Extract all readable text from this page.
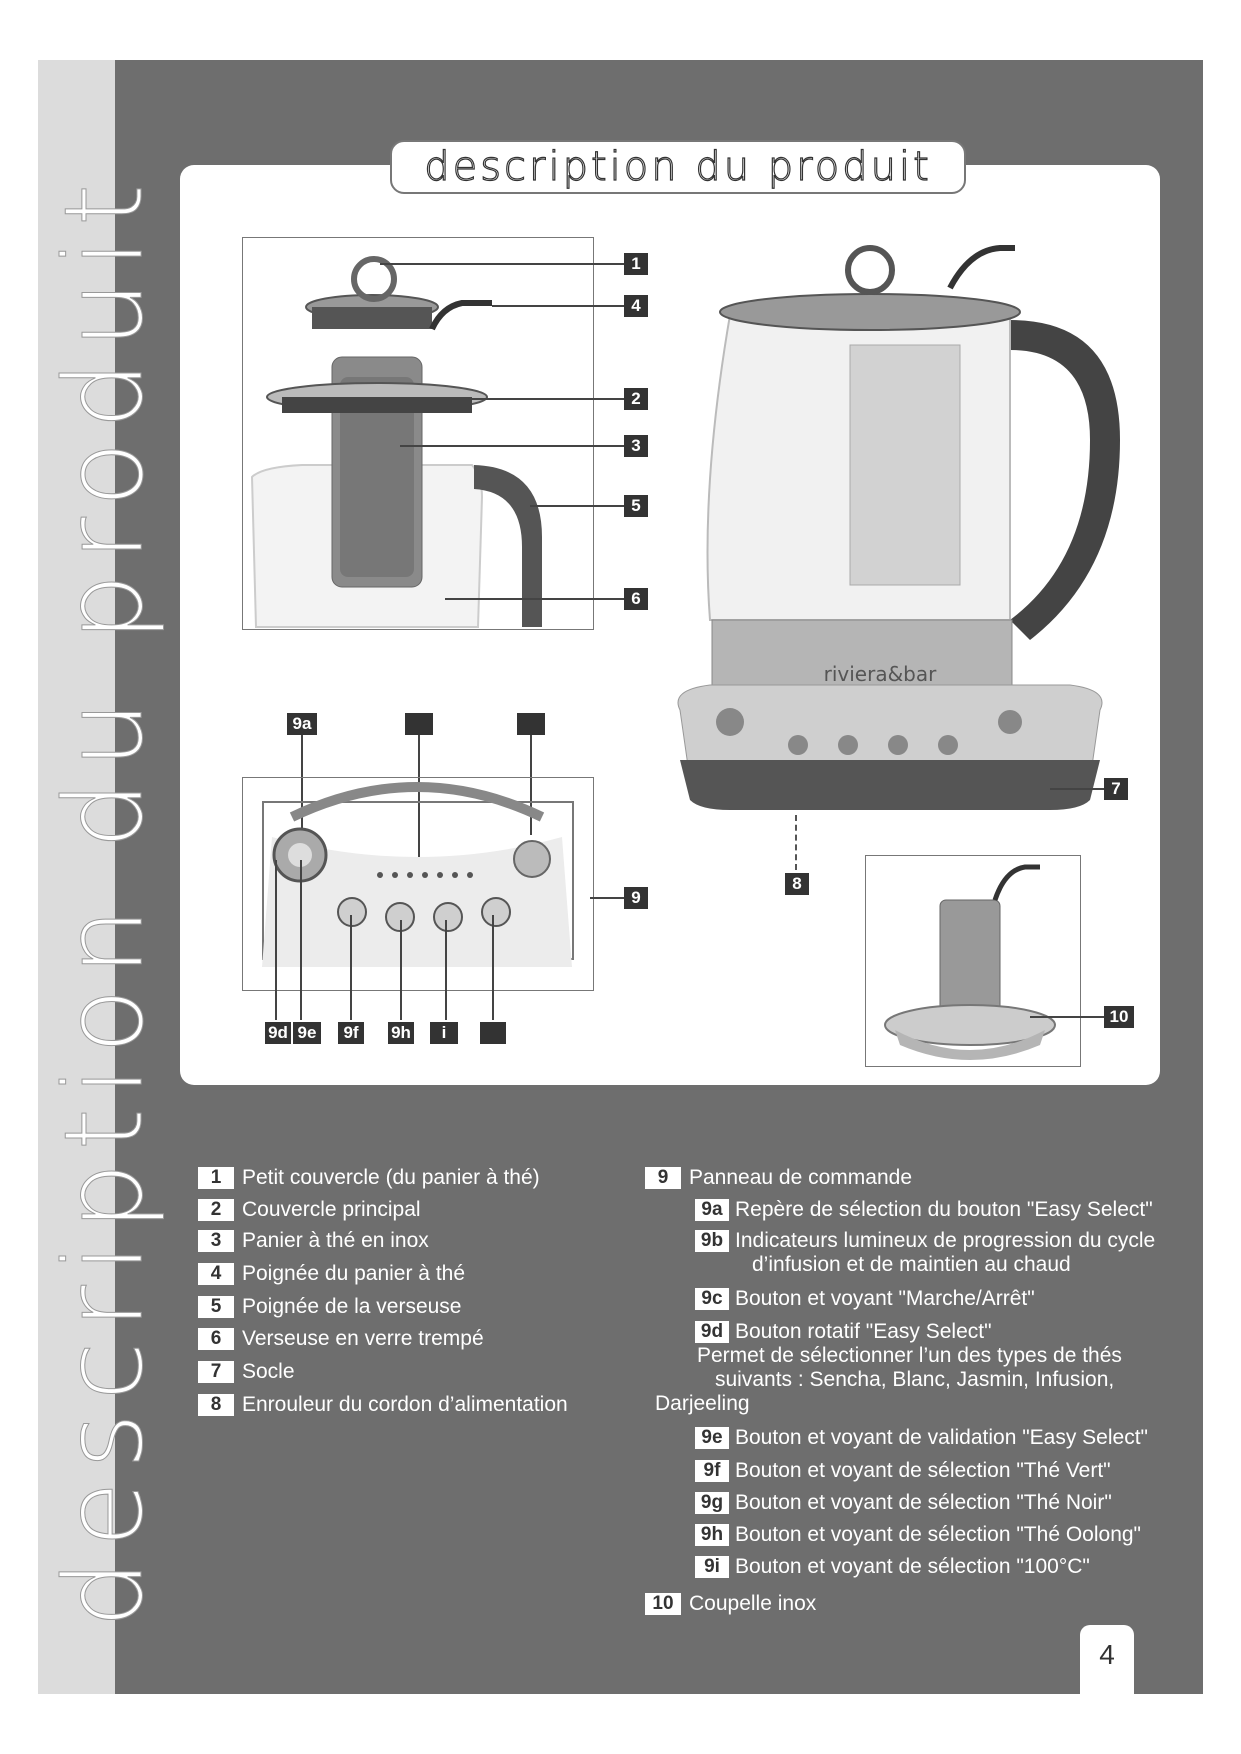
description du produit
description du produit
1
4
2
3
5
6
riviera&bar
7
8
9a
9
9d 9e	9f	9h	i
10
1 Petit couvercle (du panier à thé)
2 Couvercle principal
3 Panier à thé en inox
4 Poignée du panier à thé
5 Poignée de la verseuse
6 Verseuse en verre trempé
7 Socle
8 Enrouleur du cordon d’alimentation
9 Panneau de commande
9a Repère de sélection du bouton "Easy Select"
9b Indicateurs lumineux de progression du cycle
d’infusion et de maintien au chaud
9c Bouton et voyant "Marche/Arrêt"
9d Bouton rotatif "Easy Select"
Permet de sélectionner l’un des types de thés
suivants : Sencha, Blanc, Jasmin, Infusion,
Darjeeling
9e Bouton et voyant de validation "Easy Select"
9f Bouton et voyant de sélection "Thé Vert"
9g Bouton et voyant de sélection "Thé Noir"
9h Bouton et voyant de sélection "Thé Oolong"
9i Bouton et voyant de sélection "100°C"
10 Coupelle inox
4
